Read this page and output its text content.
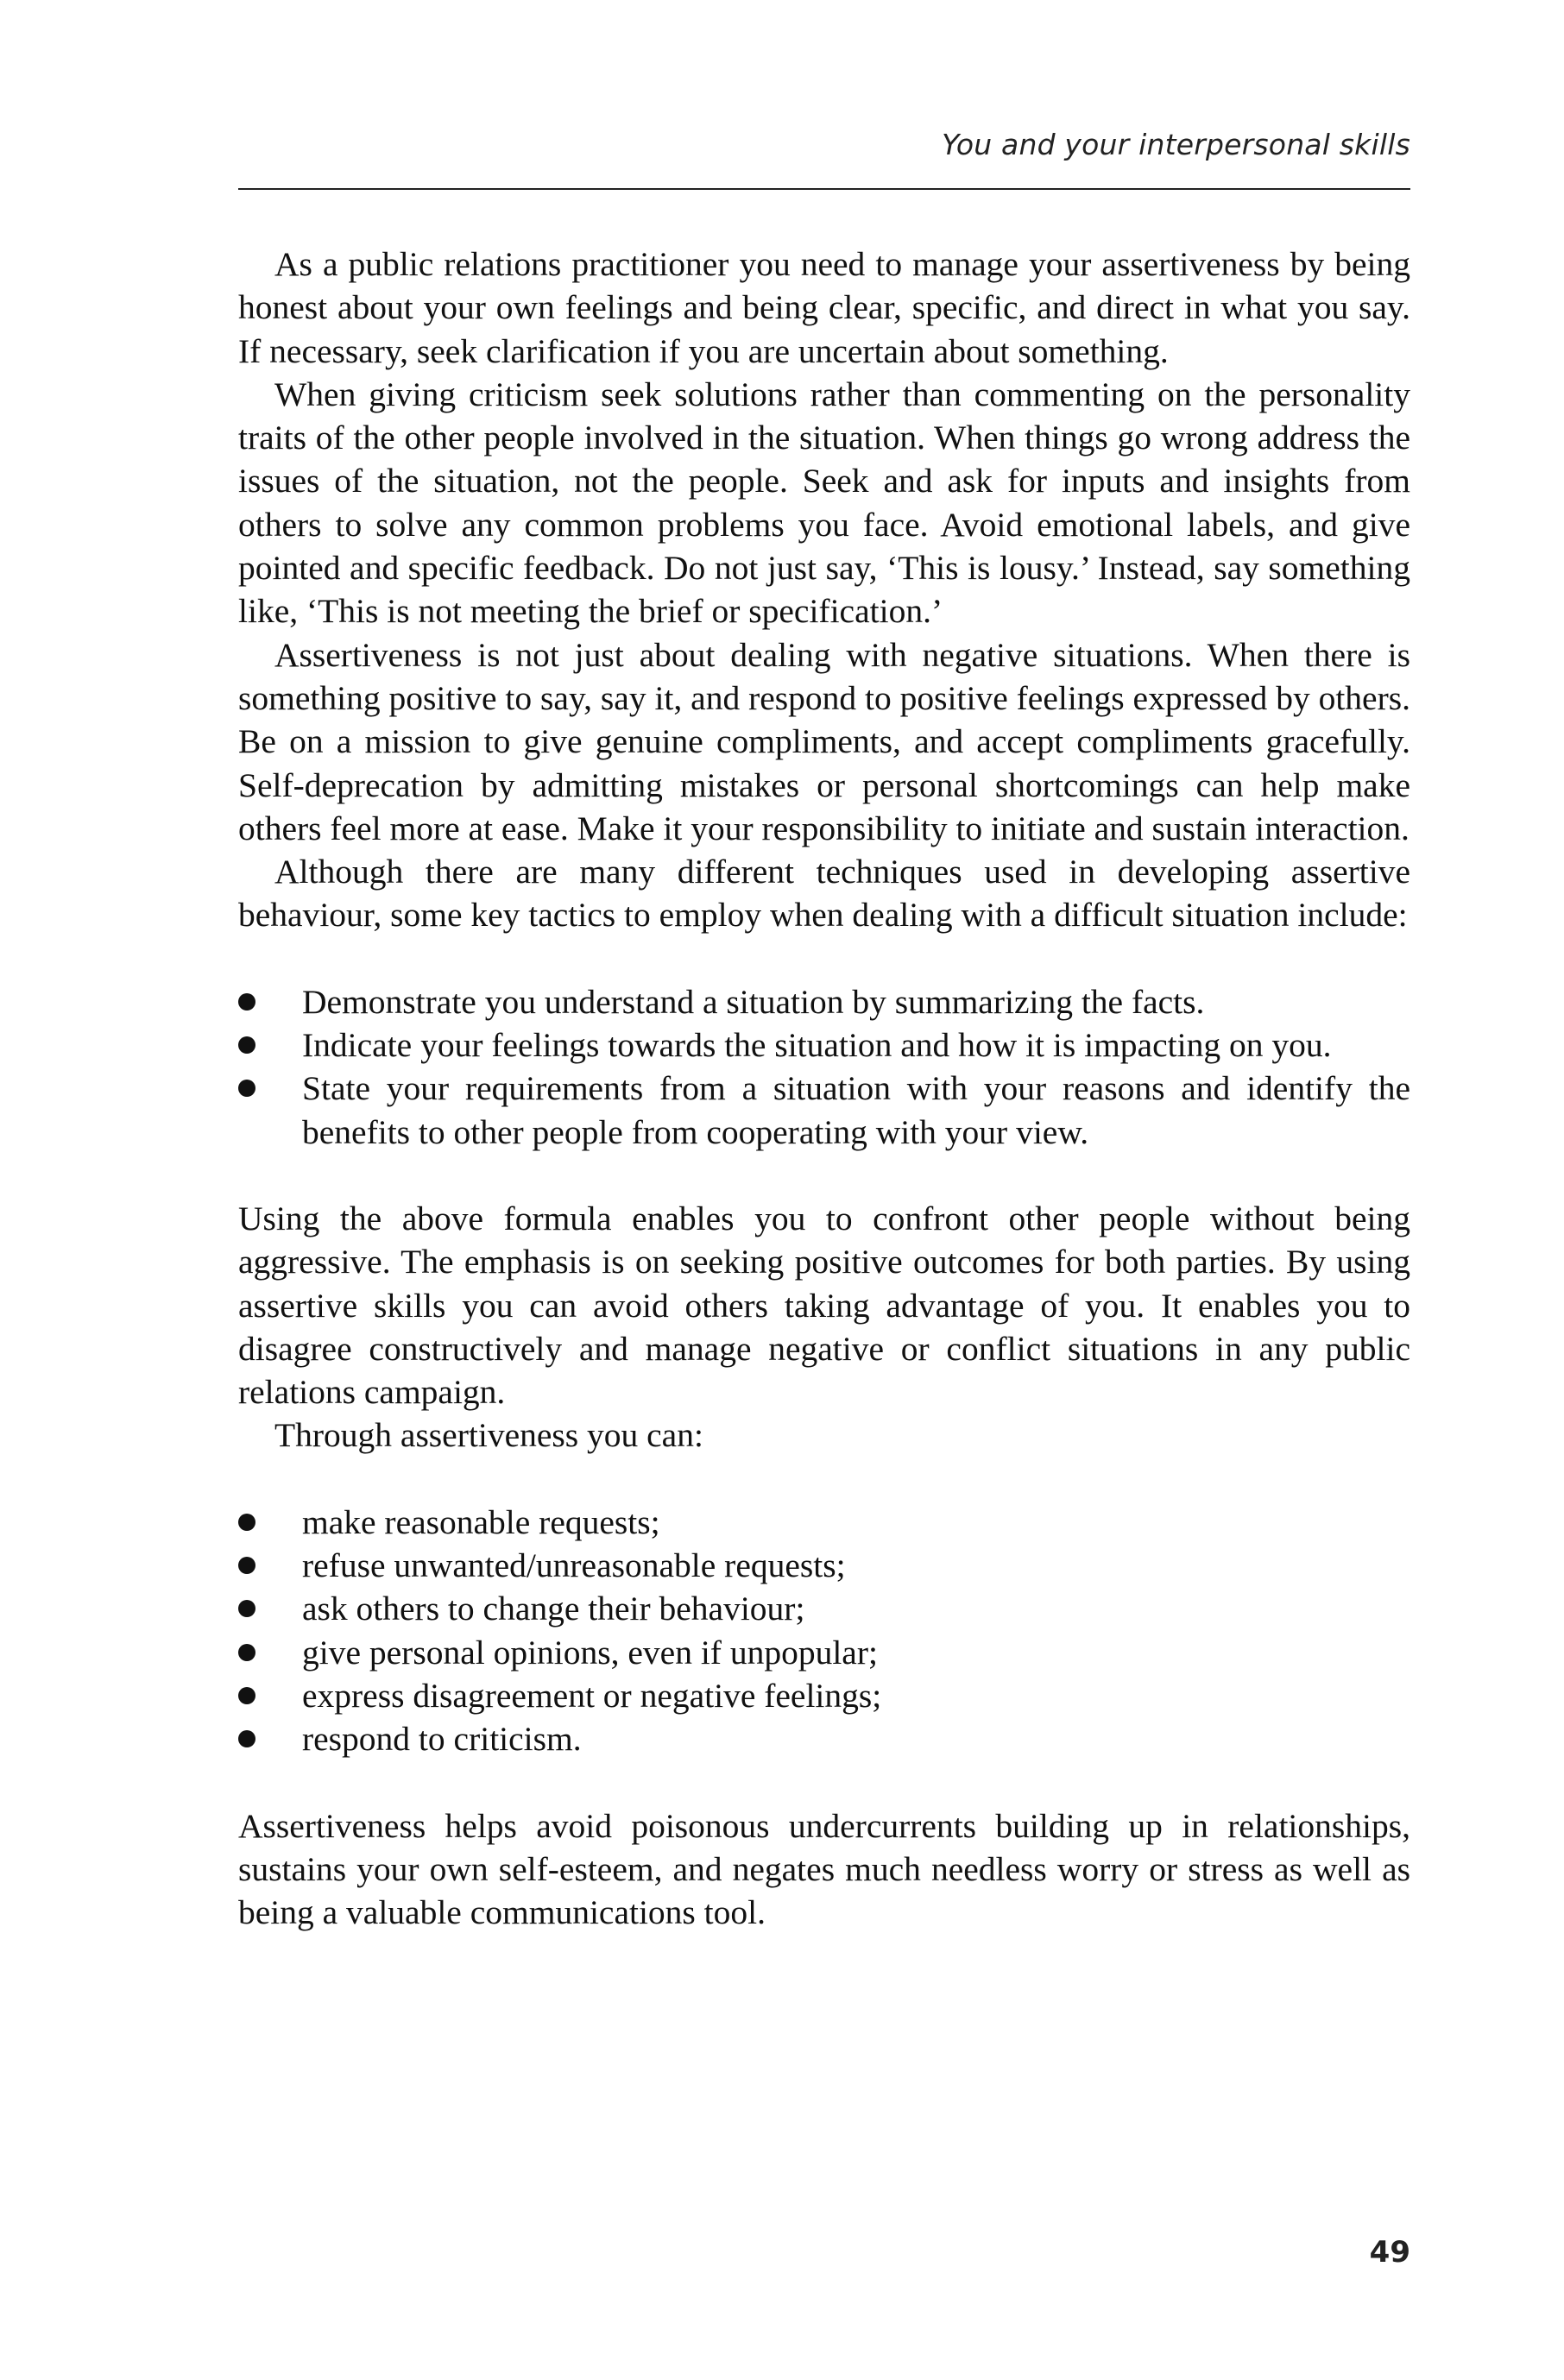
You and your interpersonal skills

As a public relations practitioner you need to manage your assertiveness by being honest about your own feelings and being clear, specific, and direct in what you say. If necessary, seek clarification if you are uncertain about something.

When giving criticism seek solutions rather than commenting on the personality traits of the other people involved in the situation. When things go wrong address the issues of the situation, not the people. Seek and ask for inputs and insights from others to solve any common problems you face. Avoid emotional labels, and give pointed and specific feedback. Do not just say, ‘This is lousy.’ Instead, say something like, ‘This is not meeting the brief or specification.’

Assertiveness is not just about dealing with negative situations. When there is something positive to say, say it, and respond to positive feelings expressed by others. Be on a mission to give genuine compliments, and accept compliments gracefully. Self-deprecation by admitting mistakes or personal shortcomings can help make others feel more at ease. Make it your responsibility to initiate and sustain interaction.

Although there are many different techniques used in developing assertive behaviour, some key tactics to employ when dealing with a difficult situation include:

Demonstrate you understand a situation by summarizing the facts.
Indicate your feelings towards the situation and how it is impacting on you.
State your requirements from a situation with your reasons and identify the benefits to other people from cooperating with your view.

Using the above formula enables you to confront other people without being aggressive. The emphasis is on seeking positive outcomes for both parties. By using assertive skills you can avoid others taking advantage of you. It enables you to disagree constructively and manage negative or conflict situations in any public relations campaign.

Through assertiveness you can:

make reasonable requests;
refuse unwanted/unreasonable requests;
ask others to change their behaviour;
give personal opinions, even if unpopular;
express disagreement or negative feelings;
respond to criticism.

Assertiveness helps avoid poisonous undercurrents building up in relationships, sustains your own self-esteem, and negates much needless worry or stress as well as being a valuable communications tool.

49
